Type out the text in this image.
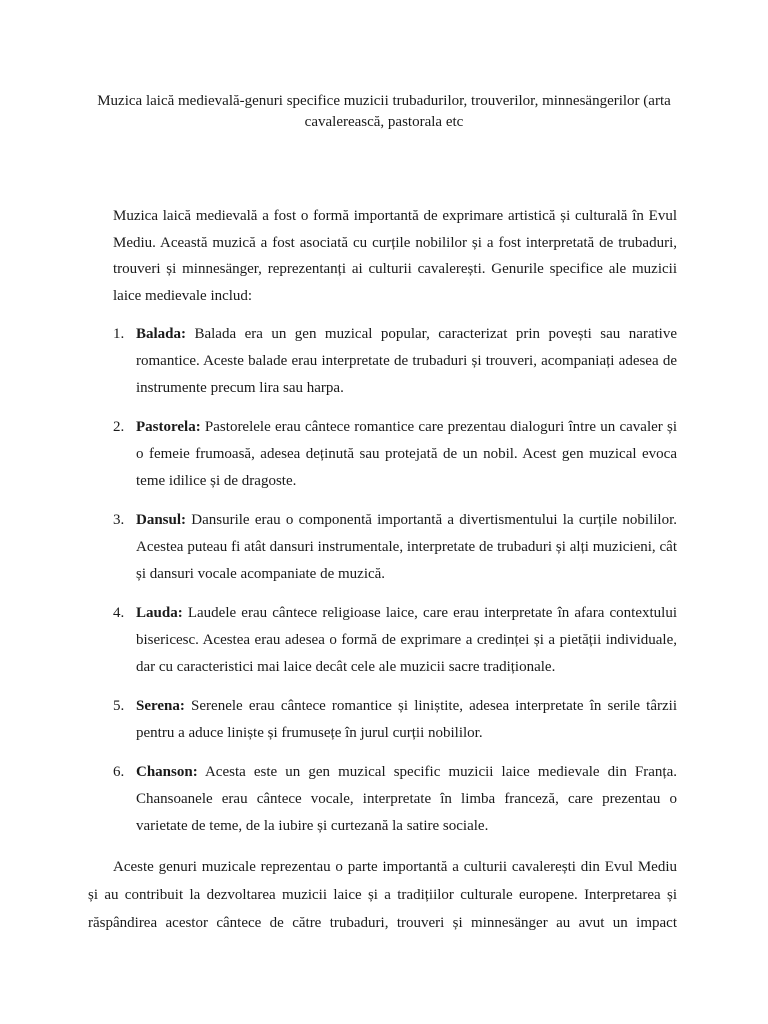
Muzica laică medievală-genuri specifice muzicii trubadurilor, trouverilor, minnesängerilor (arta cavalerească, pastorala etc

Muzica laică medievală a fost o formă importantă de exprimare artistică și culturală în Evul Mediu. Această muzică a fost asociată cu curțile nobililor și a fost interpretată de trubaduri, trouveri și minnesänger, reprezentanți ai culturii cavalerești. Genurile specifice ale muzicii laice medievale includ:

1. Balada: Balada era un gen muzical popular, caracterizat prin povești sau narative romantice. Aceste balade erau interpretate de trubaduri și trouveri, acompaniați adesea de instrumente precum lira sau harpa.
2. Pastorela: Pastorelele erau cântece romantice care prezentau dialoguri între un cavaler și o femeie frumoasă, adesea deținută sau protejată de un nobil. Acest gen muzical evoca teme idilice și de dragoste.
3. Dansul: Dansurile erau o componentă importantă a divertismentului la curțile nobililor. Acestea puteau fi atât dansuri instrumentale, interpretate de trubaduri și alți muzicieni, cât și dansuri vocale acompaniate de muzică.
4. Lauda: Laudele erau cântece religioase laice, care erau interpretate în afara contextului bisericesc. Acestea erau adesea o formă de exprimare a credinței și a pietății individuale, dar cu caracteristici mai laice decât cele ale muzicii sacre tradiționale.
5. Serena: Serenele erau cântece romantice și liniștite, adesea interpretate în serile târzii pentru a aduce liniște și frumusețe în jurul curții nobililor.
6. Chanson: Acesta este un gen muzical specific muzicii laice medievale din Franța. Chansoanele erau cântece vocale, interpretate în limba franceză, care prezentau o varietate de teme, de la iubire și curtezană la satire sociale.

Aceste genuri muzicale reprezentau o parte importantă a culturii cavalerești din Evul Mediu și au contribuit la dezvoltarea muzicii laice și a tradițiilor culturale europene. Interpretarea și răspândirea acestor cântece de către trubaduri, trouveri și minnesänger au avut un impact
